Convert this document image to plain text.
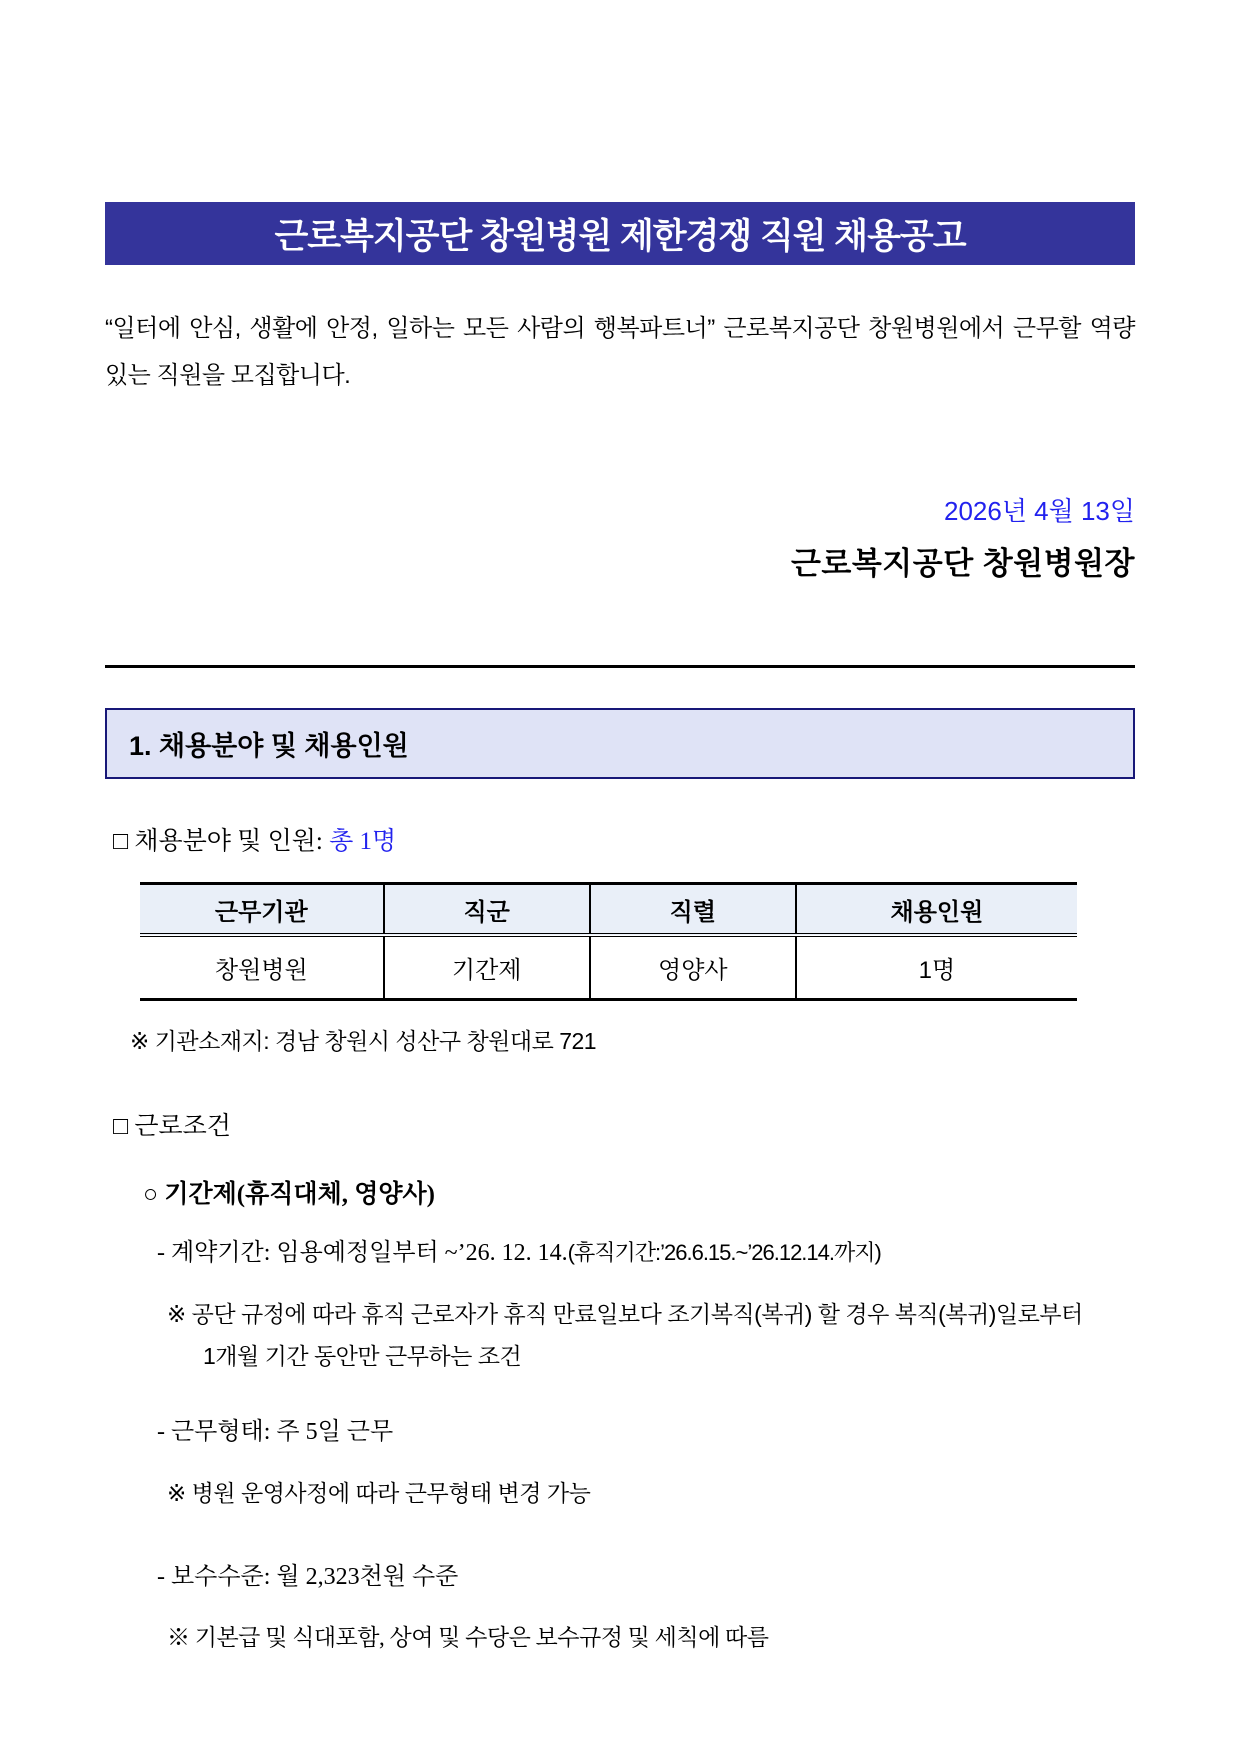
근로복지공단 창원병원 제한경쟁 직원 채용공고

“일터에 안심, 생활에 안정, 일하는 모든 사람의 행복파트너” 근로복지공단 창원병원에서 근무할 역량 있는 직원을 모집합니다.

2026년 4월 13일
근로복지공단 창원병원장
1. 채용분야 및 채용인원
□ 채용분야 및 인원: 총 1명
근무기관	직군	직렬	채용인원
창원병원	기간제	영양사	1명
※ 기관소재지: 경남 창원시 성산구 창원대로 721
□ 근로조건
○ 기간제(휴직대체, 영양사)
- 계약기간: 임용예정일부터 ~’26. 12. 14.(휴직기간:’26.6.15.~’26.12.14.까지)
※ 공단 규정에 따라 휴직 근로자가 휴직 만료일보다 조기복직(복귀) 할 경우 복직(복귀)일로부터 1개월 기간 동안만 근무하는 조건
- 근무형태: 주 5일 근무
※ 병원 운영사정에 따라 근무형태 변경 가능
- 보수수준: 월 2,323천원 수준
※ 기본급 및 식대포함, 상여 및 수당은 보수규정 및 세칙에 따름
